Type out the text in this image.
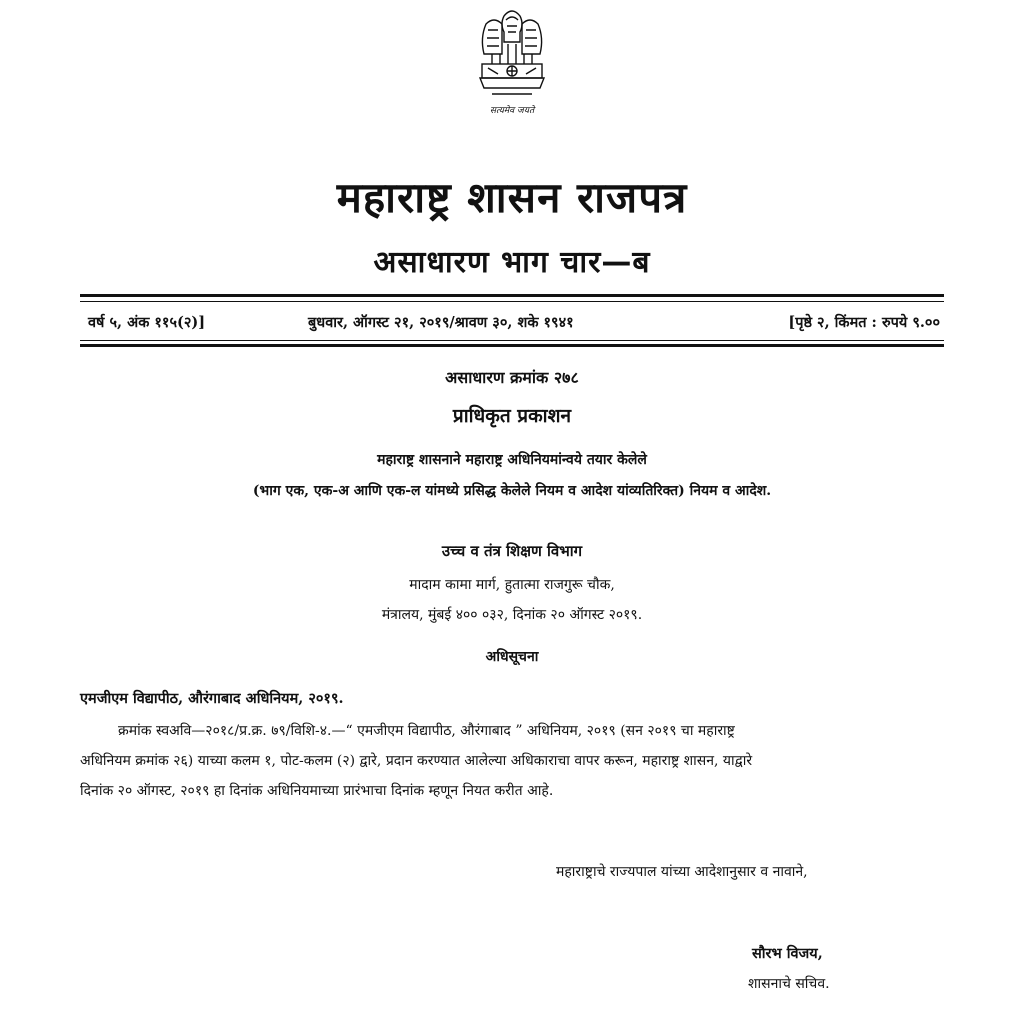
सत्यमेव जयते
महाराष्ट्र शासन राजपत्र
असाधारण भाग चार—ब
वर्ष ५, अंक ११५(२)]	बुधवार, ऑगस्ट २१, २०१९/श्रावण ३०, शके १९४१	[पृष्ठे २, किंमत : रुपये ९.००
असाधारण क्रमांक २७८
प्राधिकृत प्रकाशन
महाराष्ट्र शासनाने महाराष्ट्र अधिनियमांन्वये तयार केलेले
(भाग एक, एक-अ आणि एक-ल यांमध्ये प्रसिद्ध केलेले नियम व आदेश यांव्यतिरिक्त) नियम व आदेश.
उच्च व तंत्र शिक्षण विभाग
मादाम कामा मार्ग, हुतात्मा राजगुरू चौक,
मंत्रालय, मुंबई ४०० ०३२, दिनांक २० ऑगस्ट २०१९.
अधिसूचना
एमजीएम विद्यापीठ, औरंगाबाद अधिनियम, २०१९.
क्रमांक स्वअवि—२०१८/प्र.क्र. ७९/विशि-४.—“ एमजीएम विद्यापीठ, औरंगाबाद ” अधिनियम, २०१९ (सन २०१९ चा महाराष्ट्र
अधिनियम क्रमांक २६) याच्या कलम १, पोट-कलम (२) द्वारे, प्रदान करण्यात आलेल्या अधिकाराचा वापर करून, महाराष्ट्र शासन, याद्वारे
दिनांक २० ऑगस्ट, २०१९ हा दिनांक अधिनियमाच्या प्रारंभाचा दिनांक म्हणून नियत करीत आहे.
महाराष्ट्राचे राज्यपाल यांच्या आदेशानुसार व नावाने,
सौरभ विजय,
शासनाचे सचिव.
